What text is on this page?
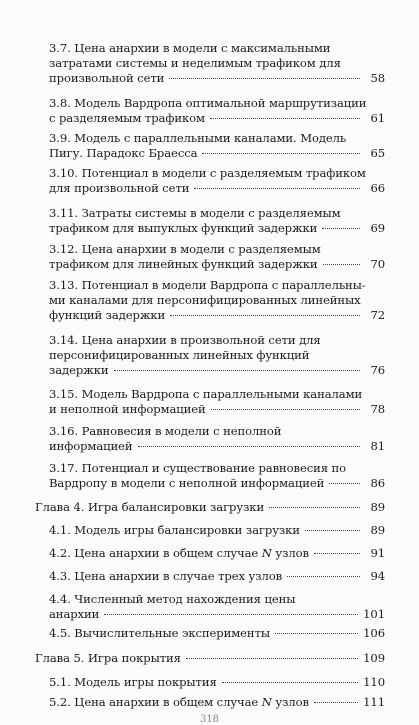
3.7. Цена анархии в модели с максимальными
затратами системы и неделимым трафиком для
произвольной сети	58
3.8. Модель Вардропа оптимальной маршрутизации
с разделяемым трафиком	61
3.9. Модель с параллельными каналами. Модель
Пигу. Парадокс Браесса	65
3.10. Потенциал в модели с разделяемым трафиком
для произвольной сети	66
3.11. Затраты системы в модели с разделяемым
трафиком для выпуклых функций задержки	69
3.12. Цена анархии в модели с разделяемым
трафиком для линейных функций задержки	70
3.13. Потенциал в модели Вардропа с параллельны-
ми каналами для персонифицированных линейных
функций задержки	72
3.14. Цена анархии в произвольной сети для
персонифицированных линейных функций
задержки	76
3.15. Модель Вардропа с параллельными каналами
и неполной информацией	78
3.16. Равновесия в модели с неполной
информацией	81
3.17. Потенциал и существование равновесия по
Вардропу в модели с неполной информацией	86
Глава 4. Игра балансировки загрузки	89
4.1. Модель игры балансировки загрузки	89
4.2. Цена анархии в общем случае N узлов	91
4.3. Цена анархии в случае трех узлов	94
4.4. Численный метод нахождения цены
анархии	101
4.5. Вычислительные эксперименты	106
Глава 5. Игра покрытия	109
5.1. Модель игры покрытия	110
5.2. Цена анархии в общем случае N узлов	111
318
